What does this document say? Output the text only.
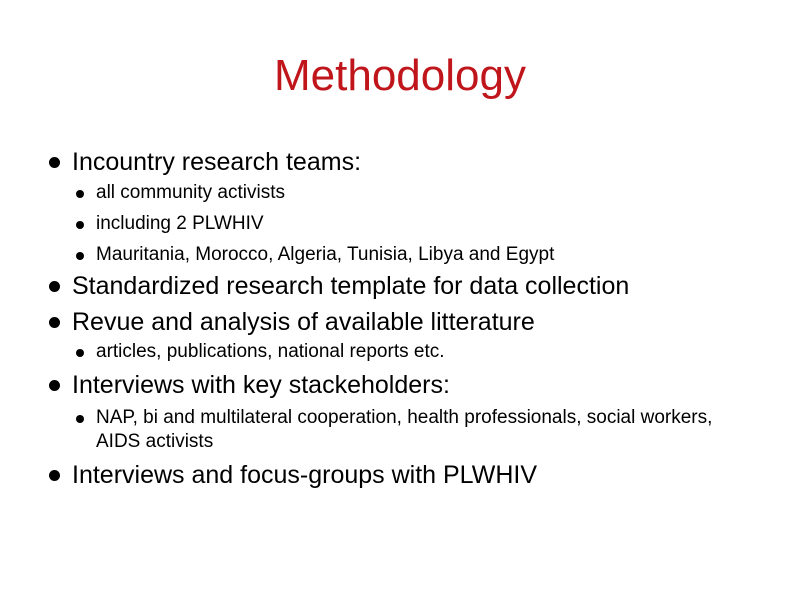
Methodology
Incountry research teams:
all community activists
including 2 PLWHIV
Mauritania, Morocco, Algeria, Tunisia, Libya and Egypt
Standardized research template for data collection
Revue and analysis of available litterature
articles, publications, national reports etc.
Interviews with key stackeholders:
NAP, bi and multilateral cooperation, health professionals, social workers, AIDS activists
Interviews and focus-groups with PLWHIV
